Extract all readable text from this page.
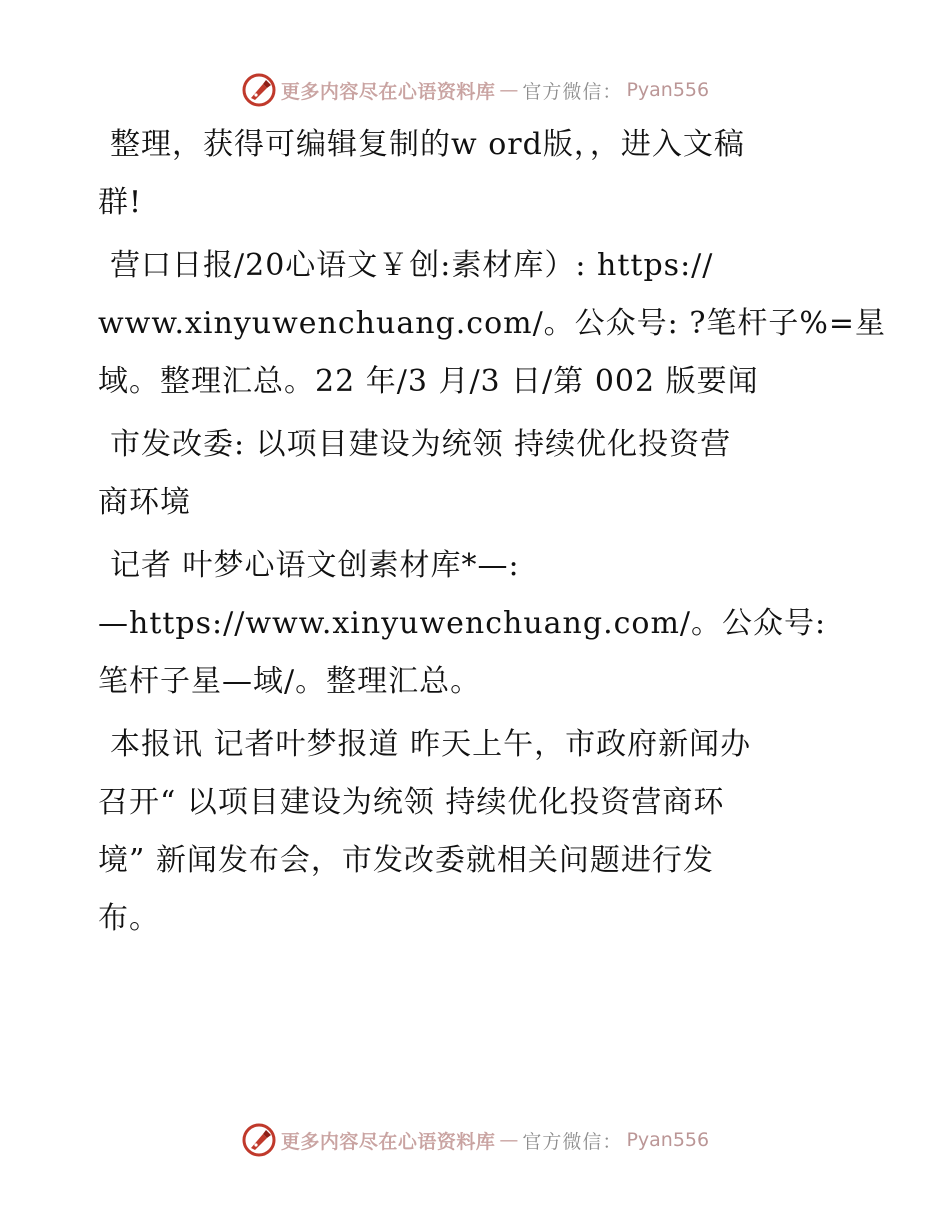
更多内容尽在心语资料库 — 官方微信： Pyan556

整理，获得可编辑复制的w ord版，，进入文稿
群!

营口日报/20心语文￥创:素材库）: https://
www.xinyuwenchuang.com/。公众号: ?笔杆子%=星
域。整理汇总。22 年/3 月/3 日/第 002 版要闻

市发改委: 以项目建设为统领 持续优化投资营
商环境

记者 叶梦心语文创素材库*—:
—https://www.xinyuwenchuang.com/。公众号:
笔杆子星—域/。整理汇总。

本报讯 记者叶梦报道 昨天上午，市政府新闻办
召开“ 以项目建设为统领 持续优化投资营商环
境” 新闻发布会，市发改委就相关问题进行发
布。

更多内容尽在心语资料库 — 官方微信： Pyan556
